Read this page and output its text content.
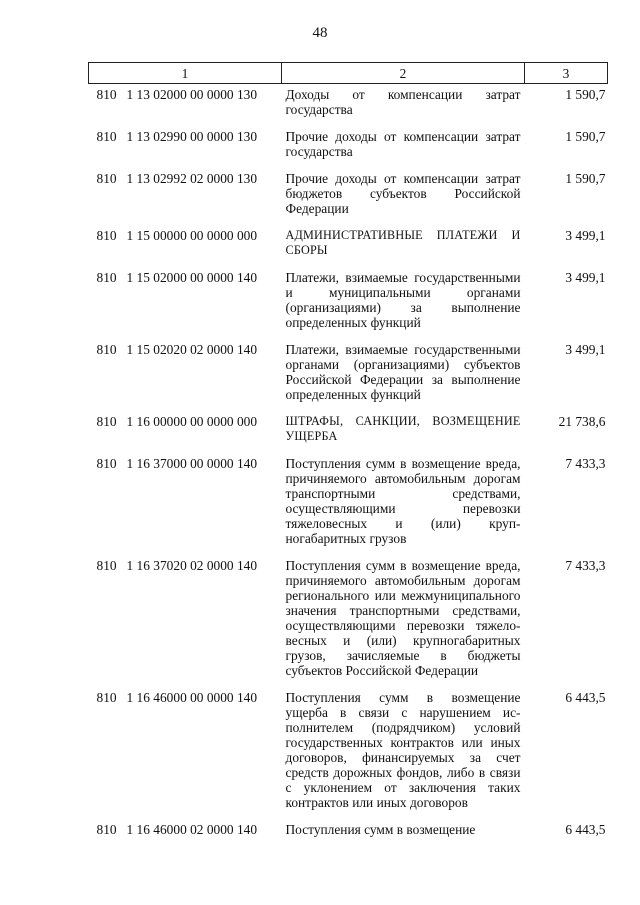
48
1	2	3
810 1 13 02000 00 0000 130	Доходы от компенсации затрат государства	1 590,7
810 1 13 02990 00 0000 130	Прочие доходы от компенсации затрат государства	1 590,7
810 1 13 02992 02 0000 130	Прочие доходы от компенсации затрат бюджетов субъектов Российской Федерации	1 590,7
810 1 15 00000 00 0000 000	АДМИНИСТРАТИВНЫЕ ПЛАТЕЖИ И СБОРЫ	3 499,1
810 1 15 02000 00 0000 140	Платежи, взимаемые государственными и муниципальными органами (организациями) за выполнение определенных функций	3 499,1
810 1 15 02020 02 0000 140	Платежи, взимаемые государственными органами (организациями) субъектов Российской Федерации за выполнение определенных функций	3 499,1
810 1 16 00000 00 0000 000	ШТРАФЫ, САНКЦИИ, ВОЗМЕЩЕНИЕ УЩЕРБА	21 738,6
810 1 16 37000 00 0000 140	Поступления сумм в возмещение вреда, причиняемого автомобильным дорогам транспортными средствами, осуществляющими перевозки тяжеловесных и (или) крупногабаритных грузов	7 433,3
810 1 16 37020 02 0000 140	Поступления сумм в возмещение вреда, причиняемого автомобильным дорогам регионального или межмуниципального значения транспортными средствами, осуществляющими перевозки тяжеловесных и (или) крупногабаритных грузов, зачисляемые в бюджеты субъектов Российской Федерации	7 433,3
810 1 16 46000 00 0000 140	Поступления сумм в возмещение ущерба в связи с нарушением исполнителем (подрядчиком) условий государственных контрактов или иных договоров, финансируемых за счет средств дорожных фондов, либо в связи с уклонением от заключения таких контрактов или иных договоров	6 443,5
810 1 16 46000 02 0000 140	Поступления сумм в возмещение	6 443,5
